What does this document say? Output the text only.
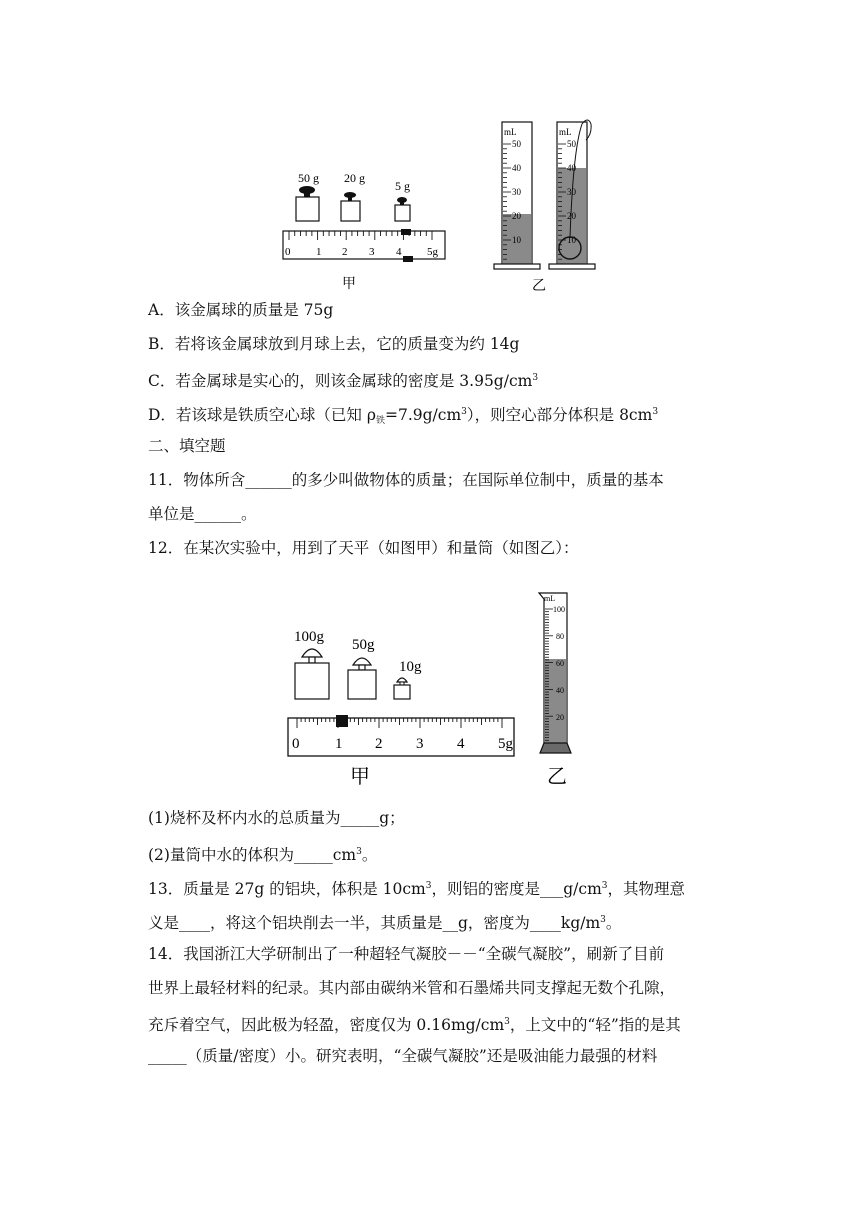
50 g 20 g
5 g
0 1 2 3 4 5g
甲
mL
50
40
30
20
10
mL
50
40
30
20
10
乙
A．该金属球的质量是 75g
B．若将该金属球放到月球上去，它的质量变为约 14g
C．若金属球是实心的，则该金属球的密度是 $3.95g/cm^3$
D．若该球是铁质空心球（已知 $\rho_铁=7.9g/cm^3$），则空心部分体积是 $8cm^3$
二、填空题
11．物体所含______的多少叫做物体的质量；在国际单位制中，质量的基本
单位是______。
12．在某次实验中，用到了天平（如图甲）和量筒（如图乙）：
100g 50g
10g
0 1 2 3 4 5g
甲
mL
100
80
60
40
20
乙
(1)烧杯及杯内水的总质量为_____g；
(2)量筒中水的体积为$\_\_\_\_\_cm^3$。
13．质量是 27g 的铝块，体积是 $10cm^3$，则铝的密度是$\_\_\_g/cm^3$，其物理意
义是____，将这个铝块削去一半，其质量是__g，密度为$\_\_\_\_kg/m^3$。
14．我国浙江大学研制出了一种超轻气凝胶－－“全碳气凝胶”，刷新了目前
世界上最轻材料的纪录。其内部由碳纳米管和石墨烯共同支撑起无数个孔隙，
充斥着空气，因此极为轻盈，密度仅为 $0.16mg/cm^3$，上文中的“轻”指的是其
_____（质量/密度）小。研究表明，“全碳气凝胶”还是吸油能力最强的材料
